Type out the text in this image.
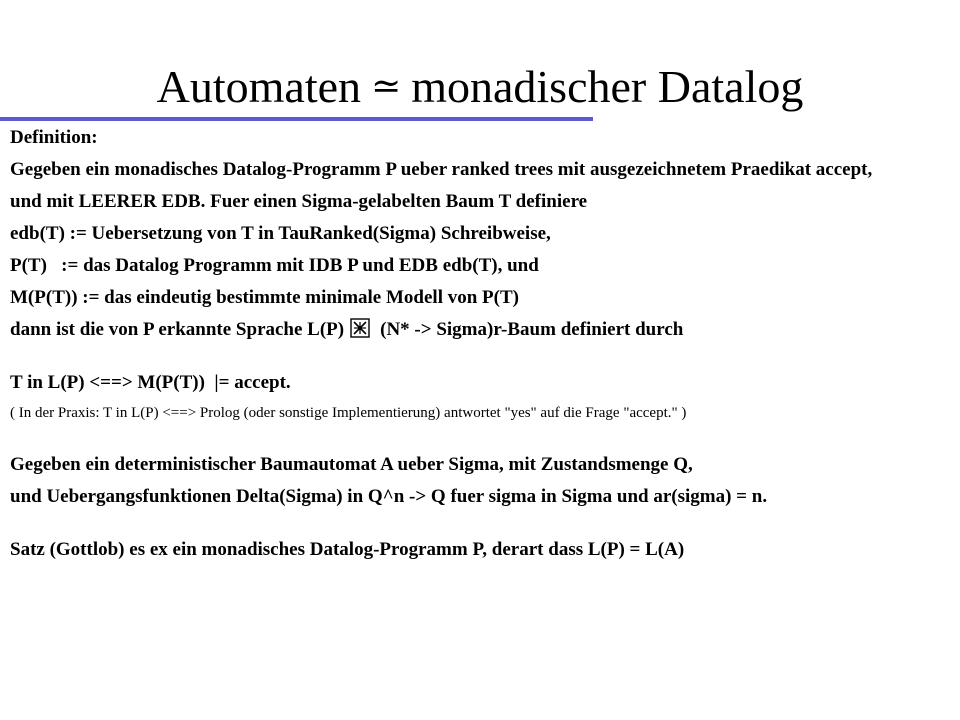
Automaten ≃ monadischer Datalog
Definition:
Gegeben ein monadisches Datalog-Programm P ueber ranked trees mit ausgezeichnetem Praedikat accept,
und mit LEERER EDB. Fuer einen Sigma-gelabelten Baum T definiere
edb(T) := Uebersetzung von T in TauRanked(Sigma) Schreibweise,
P(T)   := das Datalog Programm mit IDB P und EDB edb(T), und
M(P(T)) := das eindeutig bestimmte minimale Modell von P(T)
dann ist die von P erkannte Sprache L(P) (N* -> Sigma)r-Baum definiert durch
T in L(P) <==> M(P(T))  |= accept.
( In der Praxis: T in L(P) <==> Prolog (oder sonstige Implementierung) antwortet "yes" auf die Frage "accept." )
Gegeben ein deterministischer Baumautomat A ueber Sigma, mit Zustandsmenge Q,
und Uebergangsfunktionen Delta(Sigma) in Q^n -> Q fuer sigma in Sigma und ar(sigma) = n.
Satz (Gottlob) es ex ein monadisches Datalog-Programm P, derart dass L(P) = L(A)
